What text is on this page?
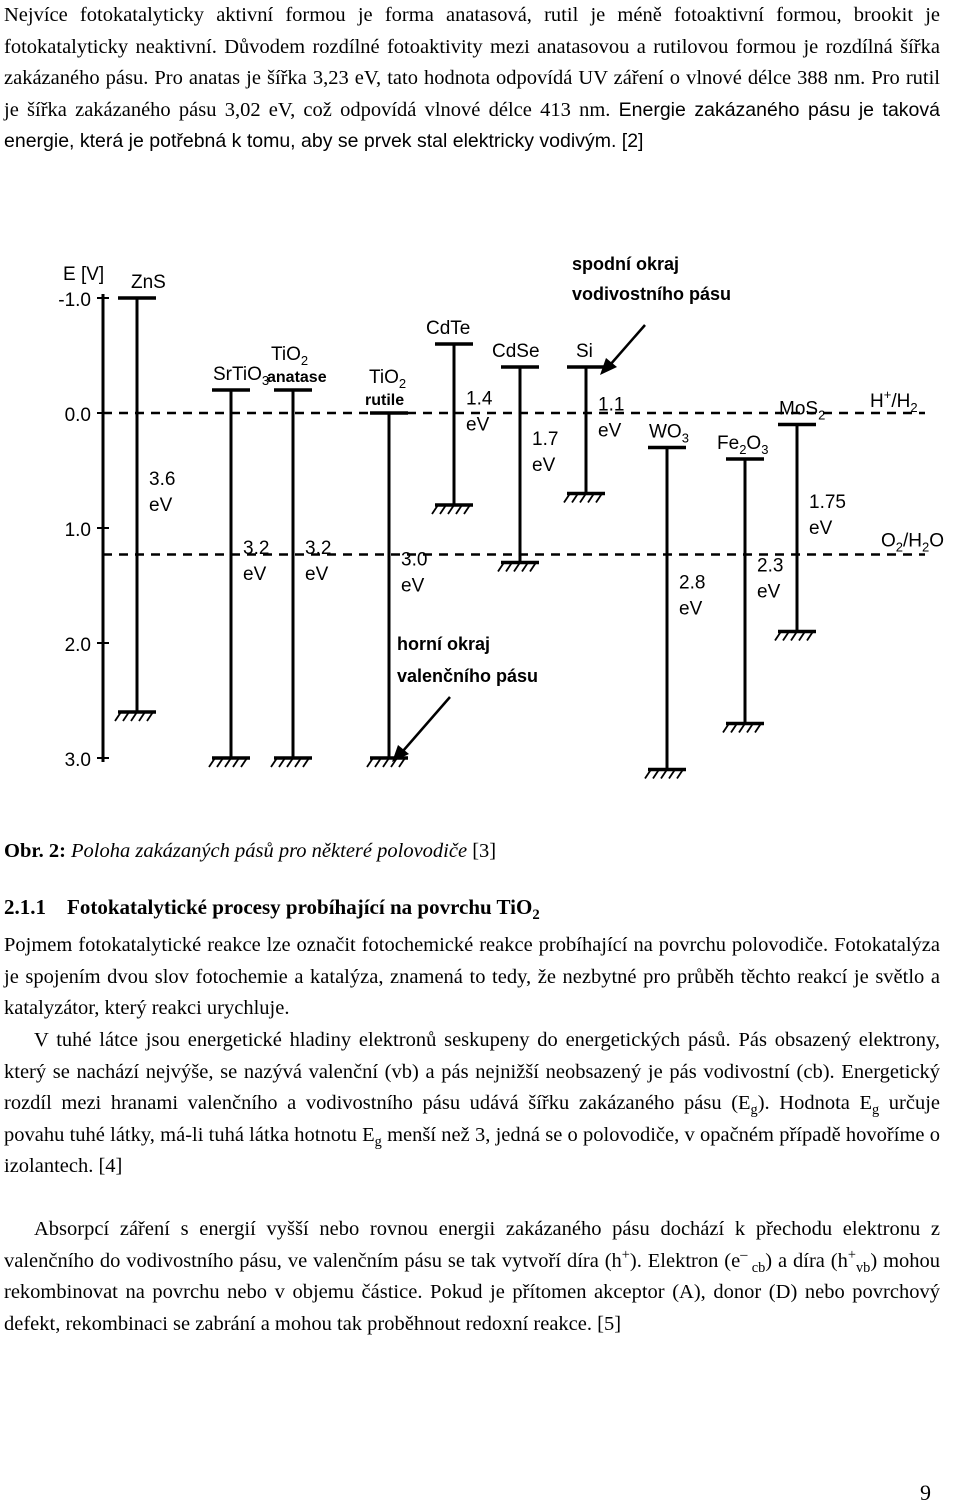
Nejvíce fotokatalyticky aktivní formou je forma anatasová, rutil je méně fotoaktivní formou, brookit je fotokatalyticky neaktivní. Důvodem rozdílné fotoaktivity mezi anatasovou a rutilovou formou je rozdílná šířka zakázaného pásu. Pro anatas je šířka 3,23 eV, tato hodnota odpovídá UV záření o vlnové délce 388 nm. Pro rutil je šířka zakázaného pásu 3,02 eV, což odpovídá vlnové délce 413 nm. Energie zakázaného pásu je taková energie, která je potřebná k tomu, aby se prvek stal elektricky vodivým. [2]

E [V]
-1.0
0.0
1.0
2.0
3.0
$H^+/H_2$
$O_2/H_2O$
ZnS
3.6
eV
SrTiO$_3$
3.2
eV
TiO$_2$
anatase
3.2
eV
TiO$_2$
rutile
3.0
eV
CdTe
1.4
eV
CdSe
1.7
eV
Si
1.1
eV $WO_3$
2.8
eV
$Fe_2O_3$
2.3
eV
MoS$_2$
1.75
eV
spodní okraj
vodivostního pásu
horní okraj
valenčního pásu
Obr. 2: Poloha zakázaných pásů pro některé polovodiče [3]
2.1.1 Fotokatalytické procesy probíhající na povrchu TiO$_2$

Pojmem fotokatalytické reakce lze označit fotochemické reakce probíhající na povrchu polovodiče. Fotokatalýza je spojením dvou slov fotochemie a katalýza, znamená to tedy, že nezbytné pro průběh těchto reakcí je světlo a katalyzátor, který reakci urychluje.

V tuhé látce jsou energetické hladiny elektronů seskupeny do energetických pásů. Pás obsazený elektrony, který se nachází nejvýše, se nazývá valenční (vb) a pás nejnižší neobsazený je pás vodivostní (cb). Energetický rozdíl mezi hranami valenčního a vodivostního pásu udává šířku zakázaného pásu $(E_g)$. Hodnota $E_g$ určuje povahu tuhé látky, má-li tuhá látka hotnotu $E_g$ menší než 3, jedná se o polovodiče, v opačném případě hovoříme o izolantech. [4]

Absorpcí záření s energií vyšší nebo rovnou energii zakázaného pásu dochází k přechodu elektronu z valenčního do vodivostního pásu, ve valenčním pásu se tak vytvoří díra (h+). Elektron (e– $_{cb}$) a díra $(h^+_{vb})$ mohou rekombinovat na povrchu nebo v objemu částice. Pokud je přítomen akceptor (A), donor (D) nebo povrchový defekt, rekombinaci se zabrání a mohou tak proběhnout redoxní reakce. [5]

9
